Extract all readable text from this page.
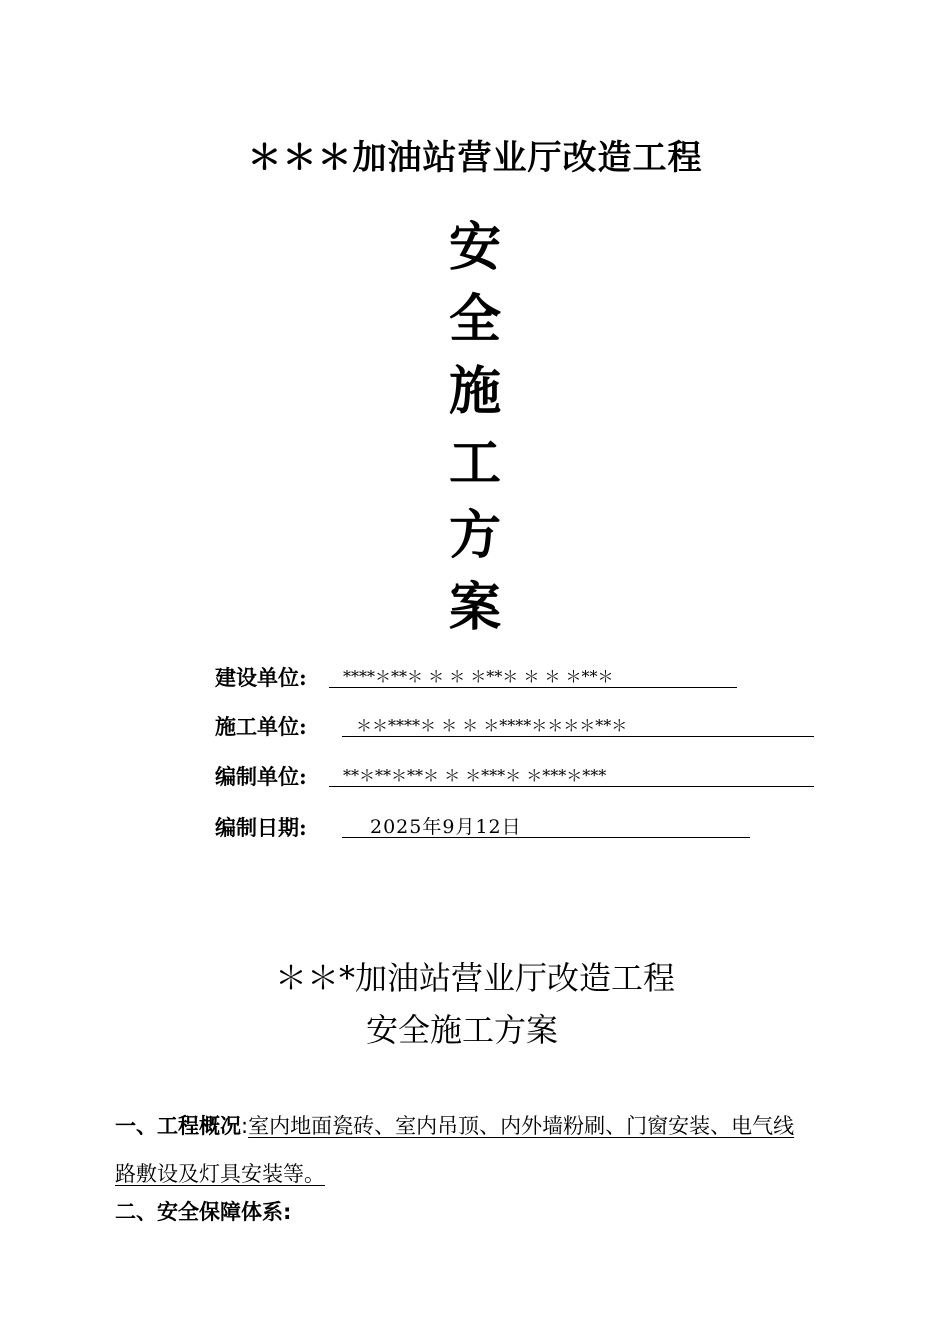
＊＊＊加油站营业厅改造工程
安
全
施
工
方
案
建设单位:	****＊**＊ ＊ ＊ ＊**＊ ＊ ＊ ＊**＊
施工单位:	＊＊****＊ ＊ ＊ ＊****＊＊＊＊**＊
编制单位:	**＊**＊**＊ ＊ ＊***＊ ＊***＊***
编制日期:	2025年9月12日
＊＊*加油站营业厅改造工程
安全施工方案
一、工程概况:室内地面瓷砖、室内吊顶、内外墙粉刷、门窗安装、电气线
路敷设及灯具安装等。
二、安全保障体系:
